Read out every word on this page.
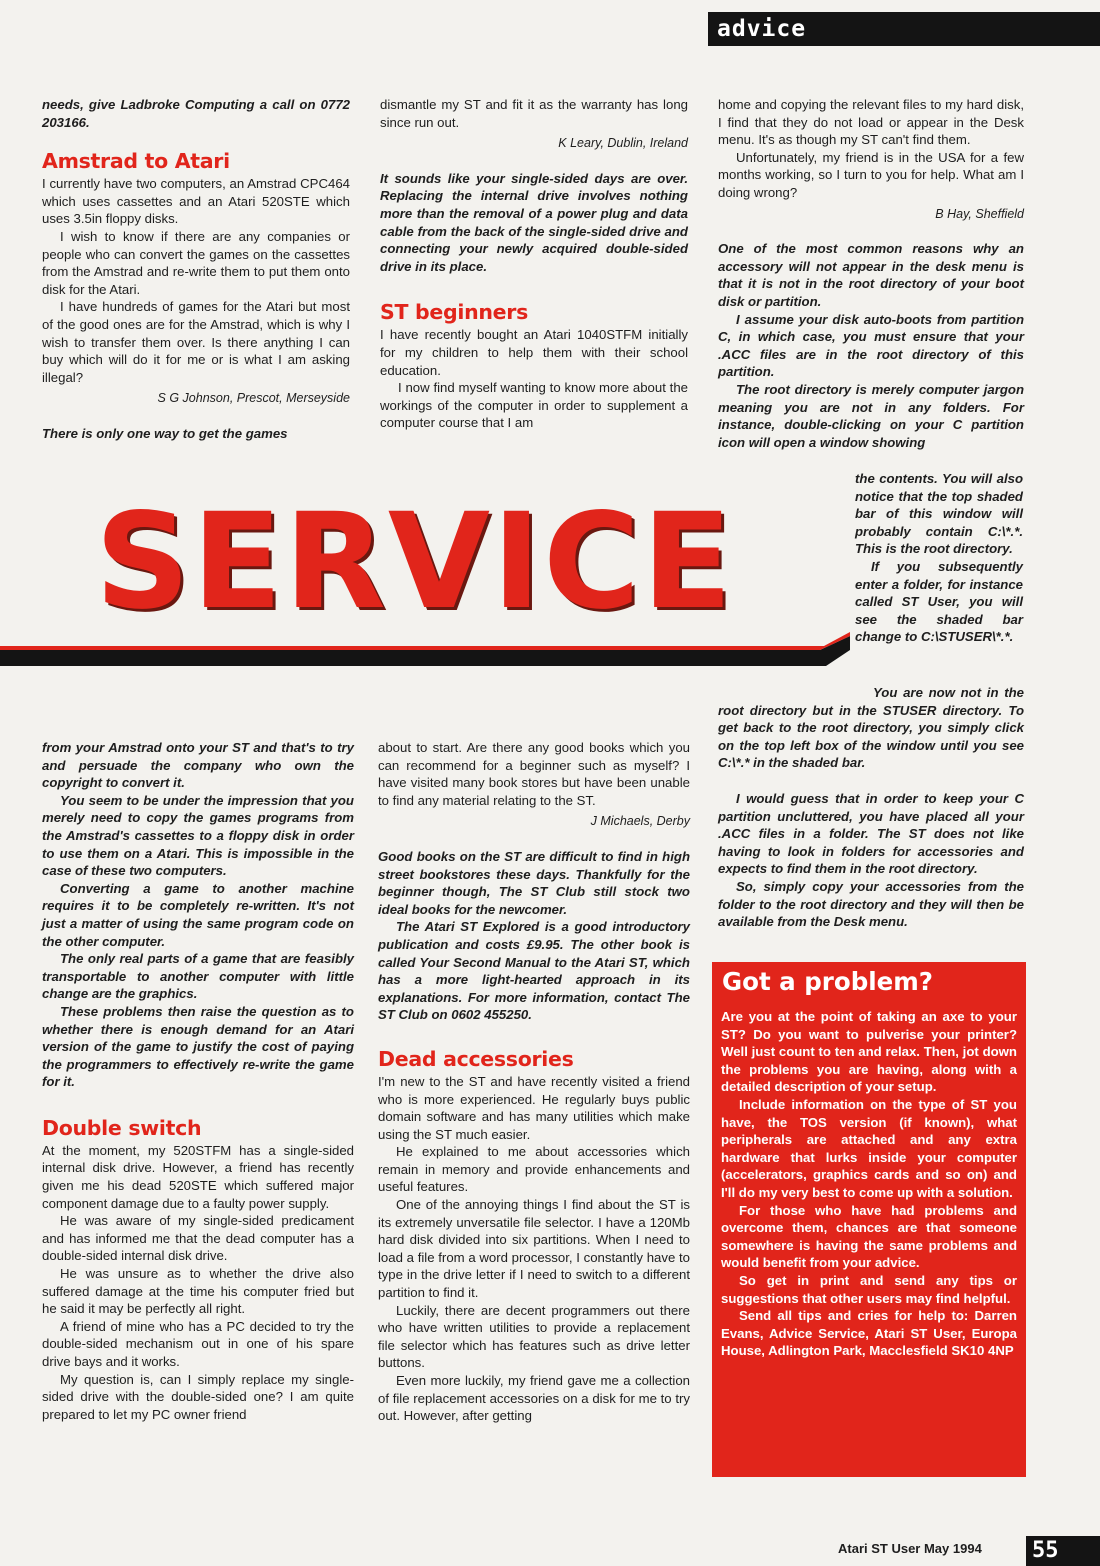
advice

needs, give Ladbroke Computing a call on 0772 203166.

Amstrad to Atari

I currently have two computers, an Amstrad CPC464 which uses cassettes and an Atari 520STE which uses 3.5in floppy disks.

I wish to know if there are any companies or people who can convert the games on the cassettes from the Amstrad and re-write them to put them onto disk for the Atari.

I have hundreds of games for the Atari but most of the good ones are for the Amstrad, which is why I wish to transfer them over. Is there anything I can buy which will do it for me or is what I am asking illegal?

S G Johnson, Prescot, Merseyside

There is only one way to get the games

dismantle my ST and fit it as the warranty has long since run out.

K Leary, Dublin, Ireland

It sounds like your single-sided days are over. Replacing the internal drive involves nothing more than the removal of a power plug and data cable from the back of the single-sided drive and connecting your newly acquired double-sided drive in its place.

ST beginners

I have recently bought an Atari 1040STFM initially for my children to help them with their school education.

I now find myself wanting to know more about the workings of the computer in order to supplement a computer course that I am

home and copying the relevant files to my hard disk, I find that they do not load or appear in the Desk menu. It's as though my ST can't find them.

Unfortunately, my friend is in the USA for a few months working, so I turn to you for help. What am I doing wrong?

B Hay, Sheffield

One of the most common reasons why an accessory will not appear in the desk menu is that it is not in the root directory of your boot disk or partition.

I assume your disk auto-boots from partition C, in which case, you must ensure that your .ACC files are in the root directory of this partition.

The root directory is merely computer jargon meaning you are not in any folders. For instance, double-clicking on your C partition icon will open a window showing

SERVICE

the contents. You will also notice that the top shaded bar of this window will probably contain C:\*.*. This is the root directory.

If you subsequently enter a folder, for instance called ST User, you will see the shaded bar change to C:\STUSER\*.*.

You are now not in the root directory but in the STUSER directory. To get back to the root directory, you simply click on the top left box of the window until you see C:\*.* in the shaded bar.

from your Amstrad onto your ST and that's to try and persuade the company who own the copyright to convert it.

You seem to be under the impression that you merely need to copy the games programs from the Amstrad's cassettes to a floppy disk in order to use them on a Atari. This is impossible in the case of these two computers.

Converting a game to another machine requires it to be completely re-written. It's not just a matter of using the same program code on the other computer.

The only real parts of a game that are feasibly transportable to another computer with little change are the graphics.

These problems then raise the question as to whether there is enough demand for an Atari version of the game to justify the cost of paying the programmers to effectively re-write the game for it.

Double switch

At the moment, my 520STFM has a single-sided internal disk drive. However, a friend has recently given me his dead 520STE which suffered major component damage due to a faulty power supply.

He was aware of my single-sided predicament and has informed me that the dead computer has a double-sided internal disk drive.

He was unsure as to whether the drive also suffered damage at the time his computer fried but he said it may be perfectly all right.

A friend of mine who has a PC decided to try the double-sided mechanism out in one of his spare drive bays and it works.

My question is, can I simply replace my single-sided drive with the double-sided one? I am quite prepared to let my PC owner friend

about to start. Are there any good books which you can recommend for a beginner such as myself? I have visited many book stores but have been unable to find any material relating to the ST.

J Michaels, Derby

Good books on the ST are difficult to find in high street bookstores these days. Thankfully for the beginner though, The ST Club still stock two ideal books for the newcomer.

The Atari ST Explored is a good introductory publication and costs £9.95. The other book is called Your Second Manual to the Atari ST, which has a more light-hearted approach in its explanations. For more information, contact The ST Club on 0602 455250.

Dead accessories

I'm new to the ST and have recently visited a friend who is more experienced. He regularly buys public domain software and has many utilities which make using the ST much easier.

He explained to me about accessories which remain in memory and provide enhancements and useful features.

One of the annoying things I find about the ST is its extremely unversatile file selector. I have a 120Mb hard disk divided into six partitions. When I need to load a file from a word processor, I constantly have to type in the drive letter if I need to switch to a different partition to find it.

Luckily, there are decent programmers out there who have written utilities to provide a replacement file selector which has features such as drive letter buttons.

Even more luckily, my friend gave me a collection of file replacement accessories on a disk for me to try out. However, after getting

I would guess that in order to keep your C partition uncluttered, you have placed all your .ACC files in a folder. The ST does not like having to look in folders for accessories and expects to find them in the root directory.

So, simply copy your accessories from the folder to the root directory and they will then be available from the Desk menu.

Got a problem?

Are you at the point of taking an axe to your ST? Do you want to pulverise your printer? Well just count to ten and relax. Then, jot down the problems you are having, along with a detailed description of your setup.

Include information on the type of ST you have, the TOS version (if known), what peripherals are attached and any extra hardware that lurks inside your computer (accelerators, graphics cards and so on) and I'll do my very best to come up with a solution.

For those who have had problems and overcome them, chances are that someone somewhere is having the same problems and would benefit from your advice.

So get in print and send any tips or suggestions that other users may find helpful.

Send all tips and cries for help to: Darren Evans, Advice Service, Atari ST User, Europa House, Adlington Park, Macclesfield SK10 4NP

Atari ST User May 1994 55
